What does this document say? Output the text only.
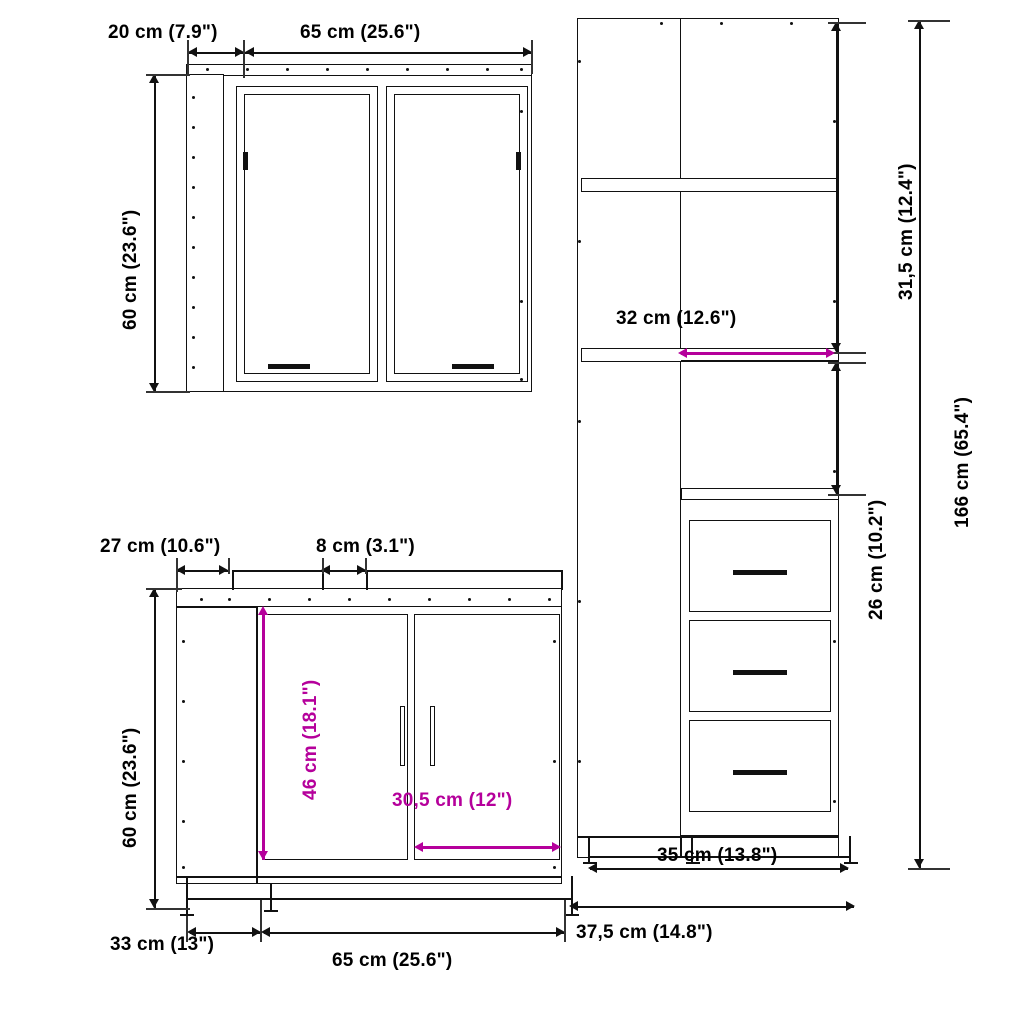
20 cm (7.9")	65 cm (25.6")
60 cm (23.6")	31,5 cm (12.4")
26 cm (10.2")
32 cm (12.6")
166 cm (65.4")
35 cm (13.8")
27 cm (10.6")	8 cm (3.1")
60 cm (23.6")	46 cm (18.1")
30,5 cm (12")
33 cm (13")
65 cm (25.6")
37,5 cm (14.8")
